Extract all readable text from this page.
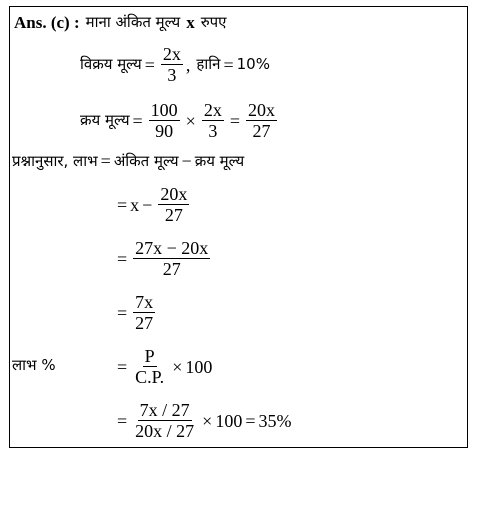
Ans. (c) : माना अंकित मूल्य x रुपए
विक्रय मूल्य = $\frac{2x}{3}$ , हानि = 10%
क्रय मूल्य = $\frac{100}{90} \times \frac{2x}{3} = \frac{20x}{27}$
प्रश्नानुसार, लाभ = अंकित मूल्य − क्रय मूल्य
= $x - \frac{20x}{27}$
= $\frac{27x - 20x}{27}$
= $\frac{7x}{27}$
लाभ %	= $\frac{P}{C.P.} \times 100$
= $\frac{7x / 27}{20x / 27} \times 100 = 35\%$
